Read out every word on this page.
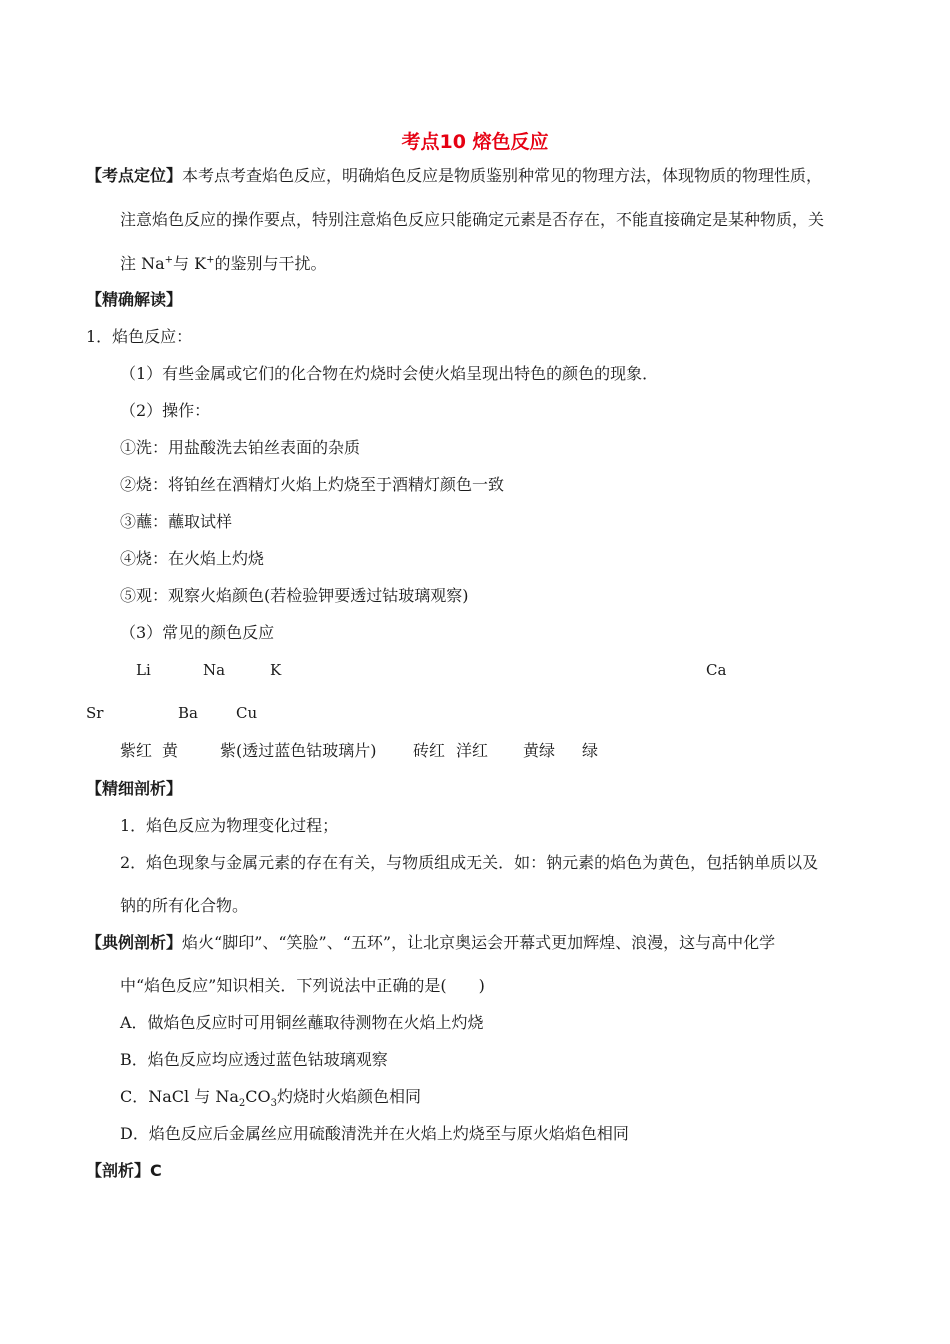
考点10 熔色反应
【考点定位】本考点考查焰色反应，明确焰色反应是物质鉴别种常见的物理方法，体现物质的物理性质，
注意焰色反应的操作要点，特别注意焰色反应只能确定元素是否存在，不能直接确定是某种物质，关
注 Na+与 K+的鉴别与干扰。
【精确解读】
1．焰色反应：
（1）有些金属或它们的化合物在灼烧时会使火焰呈现出特色的颜色的现象．
（2）操作：
①洗：用盐酸洗去铂丝表面的杂质
②烧：将铂丝在酒精灯火焰上灼烧至于酒精灯颜色一致
③蘸：蘸取试样
④烧：在火焰上灼烧
⑤观：观察火焰颜色(若检验钾要透过钴玻璃观察)
（3）常见的颜色反应
Li	Na	K	Ca
Sr	Ba	Cu
紫红 黄	紫(透过蓝色钴玻璃片) 砖红 洋红 黄绿 绿
【精细剖析】
1．焰色反应为物理变化过程；
2．焰色现象与金属元素的存在有关，与物质组成无关．如：钠元素的焰色为黄色，包括钠单质以及
钠的所有化合物。
【典例剖析】焰火“脚印”、“笑脸”、“五环”，让北京奥运会开幕式更加辉煌、浪漫，这与高中化学
中“焰色反应”知识相关．下列说法中正确的是(　　)
A．做焰色反应时可用铜丝蘸取待测物在火焰上灼烧
B．焰色反应均应透过蓝色钴玻璃观察
C．NaCl 与 $Na_2CO_3$灼烧时火焰颜色相同
D．焰色反应后金属丝应用硫酸清洗并在火焰上灼烧至与原火焰焰色相同
【剖析】C
